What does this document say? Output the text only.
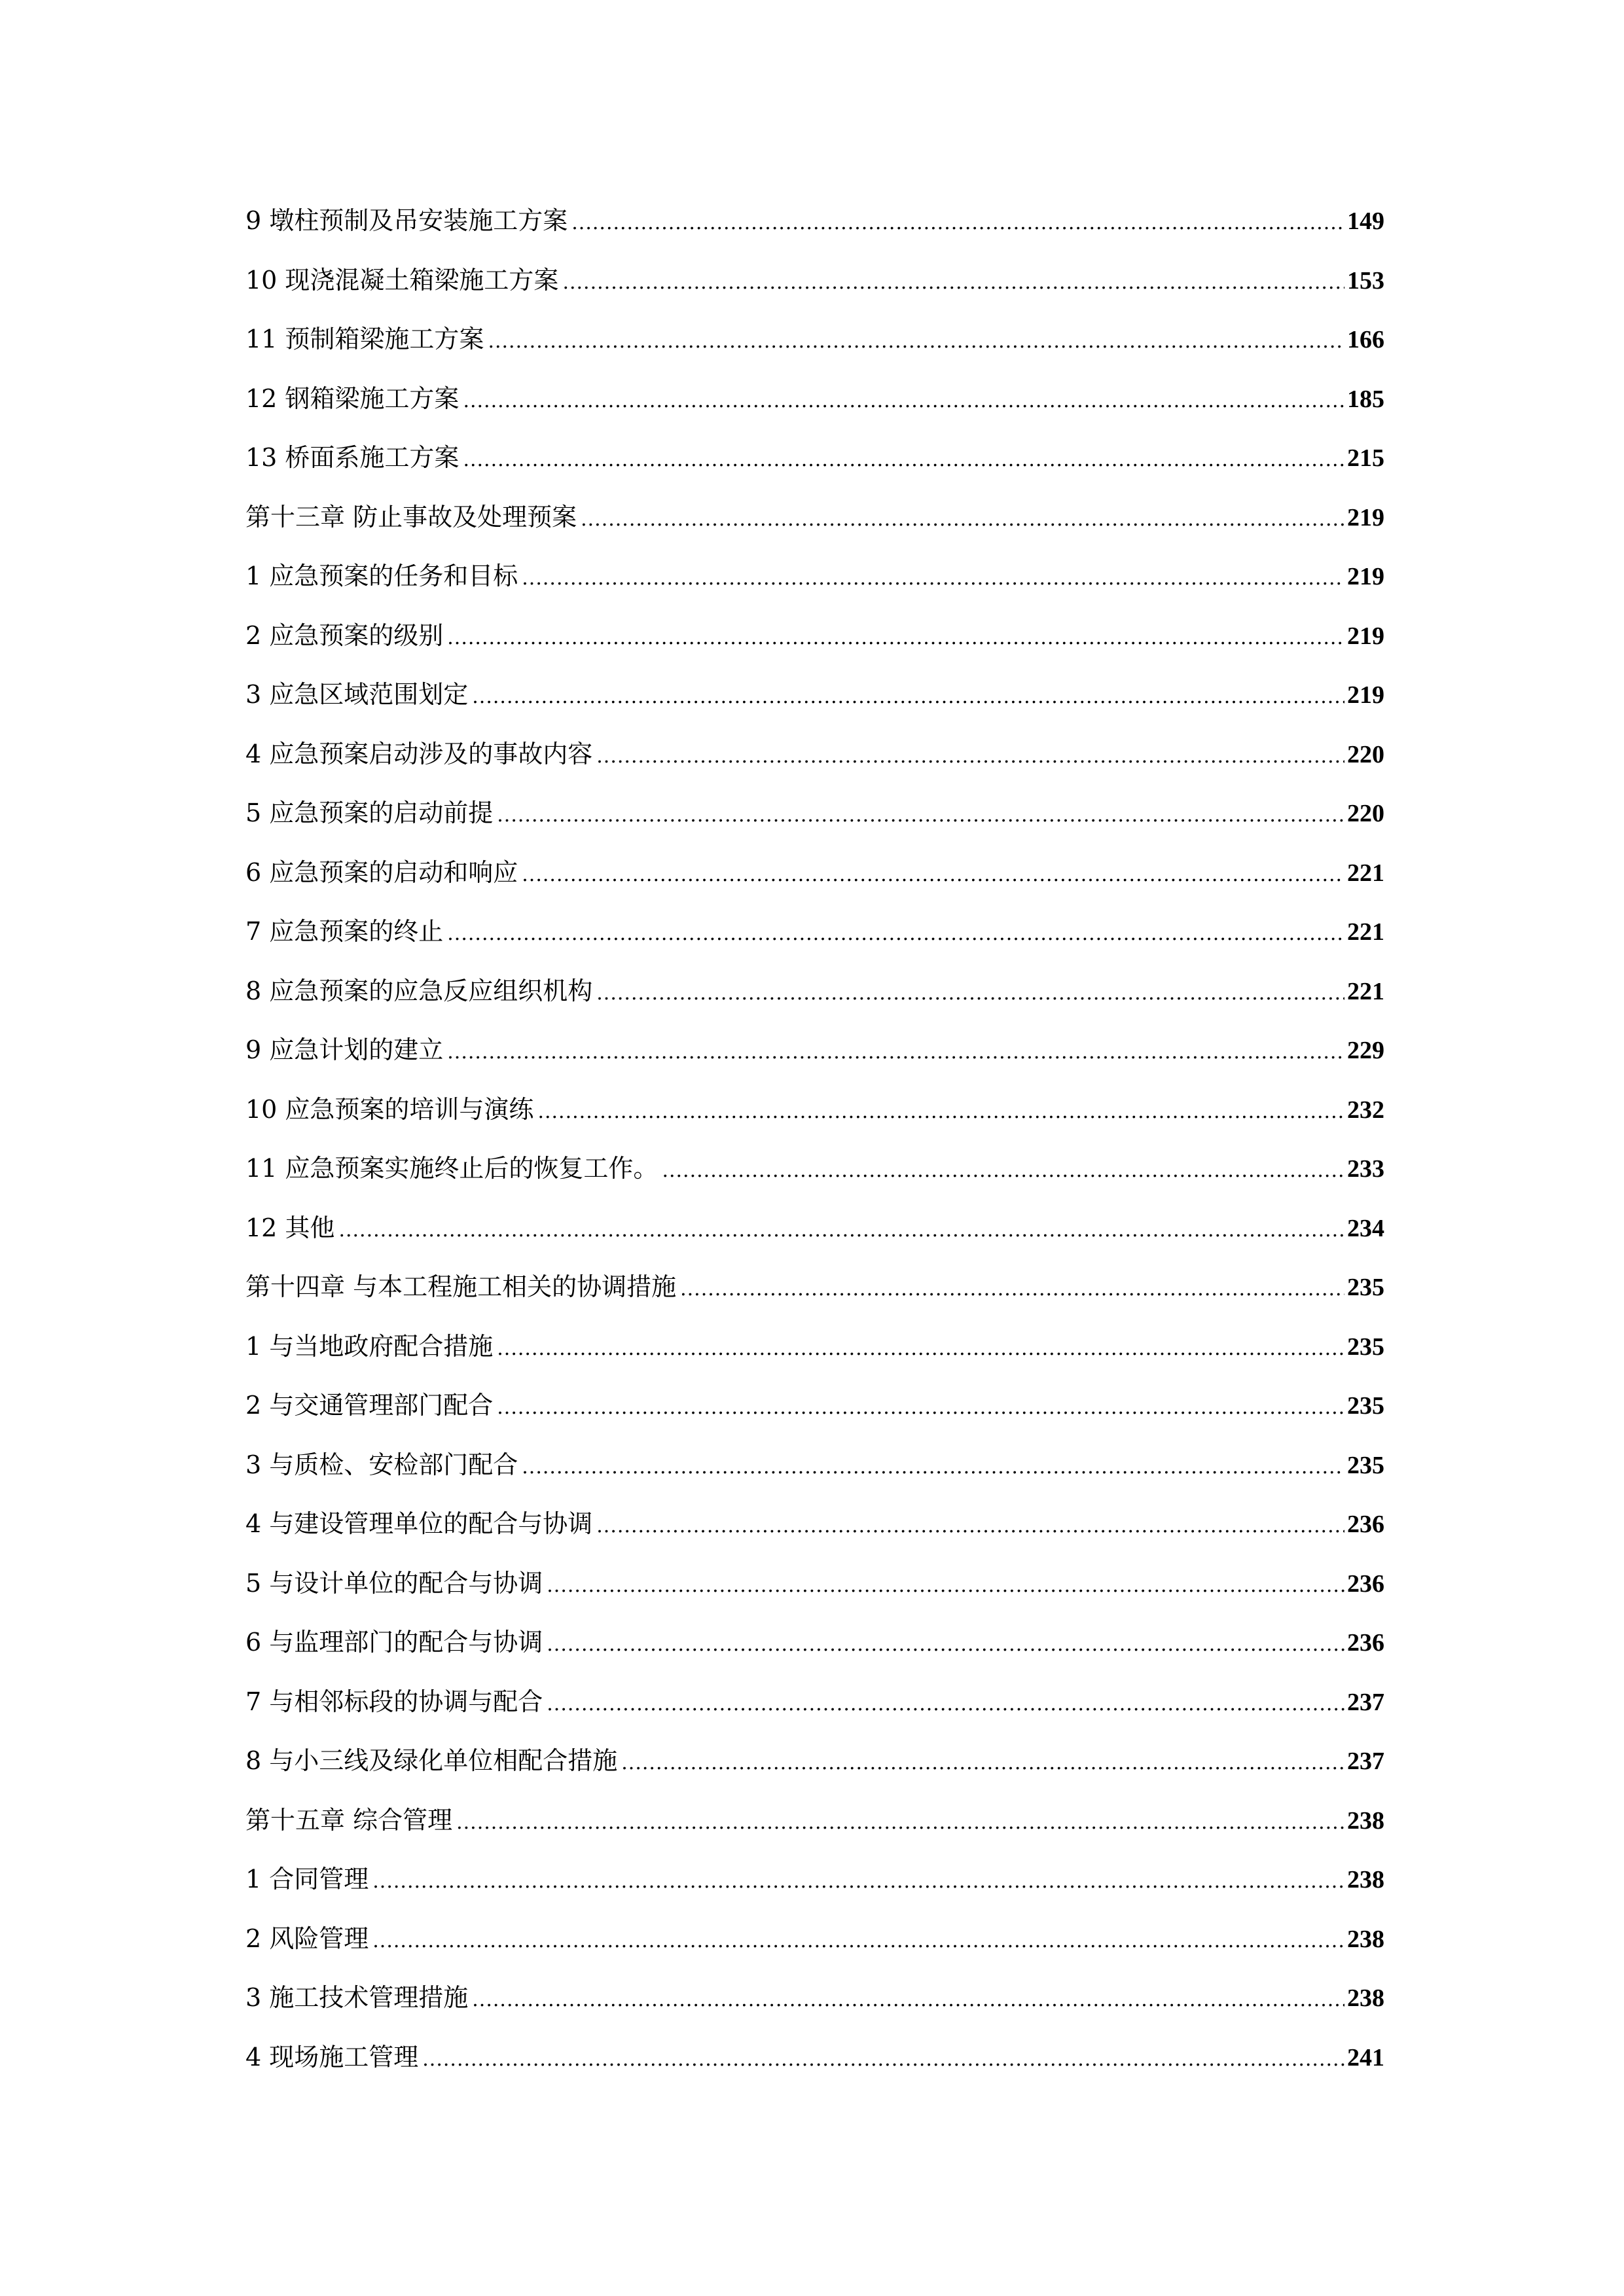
9 墩柱预制及吊安装施工方案 .....	149
10 现浇混凝土箱梁施工方案 .....	153
11 预制箱梁施工方案 .....	166
12 钢箱梁施工方案 .....	185
13 桥面系施工方案 .....	215
第十三章 防止事故及处理预案 .....	219
1 应急预案的任务和目标 .....	219
2 应急预案的级别 .....	219
3 应急区域范围划定 .....	219
4 应急预案启动涉及的事故内容 .....	220
5 应急预案的启动前提 .....	220
6 应急预案的启动和响应 .....	221
7 应急预案的终止 .....	221
8 应急预案的应急反应组织机构 .....	221
9 应急计划的建立 .....	229
10 应急预案的培训与演练 .....	232
11 应急预案实施终止后的恢复工作。 .....	233
12 其他 .....	234
第十四章 与本工程施工相关的协调措施 .....	235
1 与当地政府配合措施 .....	235
2 与交通管理部门配合 .....	235
3 与质检、安检部门配合 .....	235
4 与建设管理单位的配合与协调 .....	236
5 与设计单位的配合与协调 .....	236
6 与监理部门的配合与协调 .....	236
7 与相邻标段的协调与配合 .....	237
8 与小三线及绿化单位相配合措施 .....	237
第十五章 综合管理 .....	238
1 合同管理 .....	238
2 风险管理 .....	238
3 施工技术管理措施 .....	238
4 现场施工管理 .....	241
